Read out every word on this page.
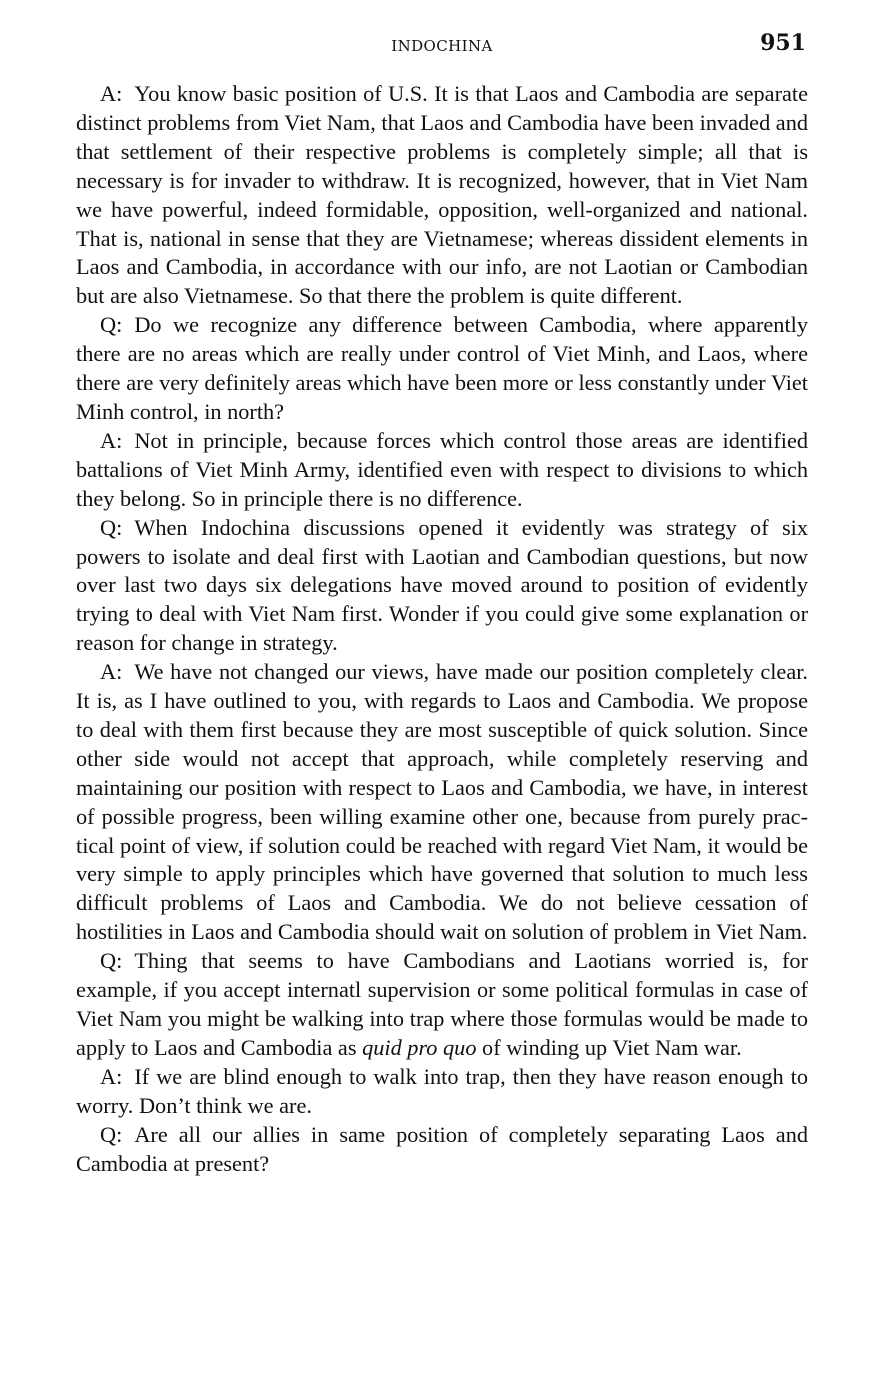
INDOCHINA	951

A: You know basic position of U.S. It is that Laos and Cambodia are separate distinct problems from Viet Nam, that Laos and Cambodia have been invaded and that settlement of their respective problems is completely simple; all that is necessary is for invader to withdraw. It is recognized, however, that in Viet Nam we have powerful, indeed formidable, opposition, well-organized and national. That is, national in sense that they are Vietnamese; whereas dissident elements in Laos and Cambodia, in accordance with our info, are not Laotian or Cambodian but are also Vietnamese. So that there the problem is quite different.

Q: Do we recognize any difference between Cambodia, where apparently there are no areas which are really under control of Viet Minh, and Laos, where there are very definitely areas which have been more or less constantly under Viet Minh control, in north?

A: Not in principle, because forces which control those areas are identified battalions of Viet Minh Army, identified even with respect to divisions to which they belong. So in principle there is no difference.

Q: When Indochina discussions opened it evidently was strategy of six powers to isolate and deal first with Laotian and Cambodian questions, but now over last two days six delegations have moved around to position of evidently trying to deal with Viet Nam first. Wonder if you could give some explanation or reason for change in strategy.

A: We have not changed our views, have made our position completely clear. It is, as I have outlined to you, with regards to Laos and Cambodia. We propose to deal with them first because they are most susceptible of quick solution. Since other side would not accept that approach, while completely reserving and maintaining our position with respect to Laos and Cambodia, we have, in interest of possible progress, been willing examine other one, because from purely practical point of view, if solution could be reached with regard Viet Nam, it would be very simple to apply principles which have governed that solution to much less difficult problems of Laos and Cambodia. We do not believe cessation of hostilities in Laos and Cambodia should wait on solution of problem in Viet Nam.

Q: Thing that seems to have Cambodians and Laotians worried is, for example, if you accept internatl supervision or some political formulas in case of Viet Nam you might be walking into trap where those formulas would be made to apply to Laos and Cambodia as quid pro quo of winding up Viet Nam war.

A: If we are blind enough to walk into trap, then they have reason enough to worry. Don’t think we are.

Q: Are all our allies in same position of completely separating Laos and Cambodia at present?
